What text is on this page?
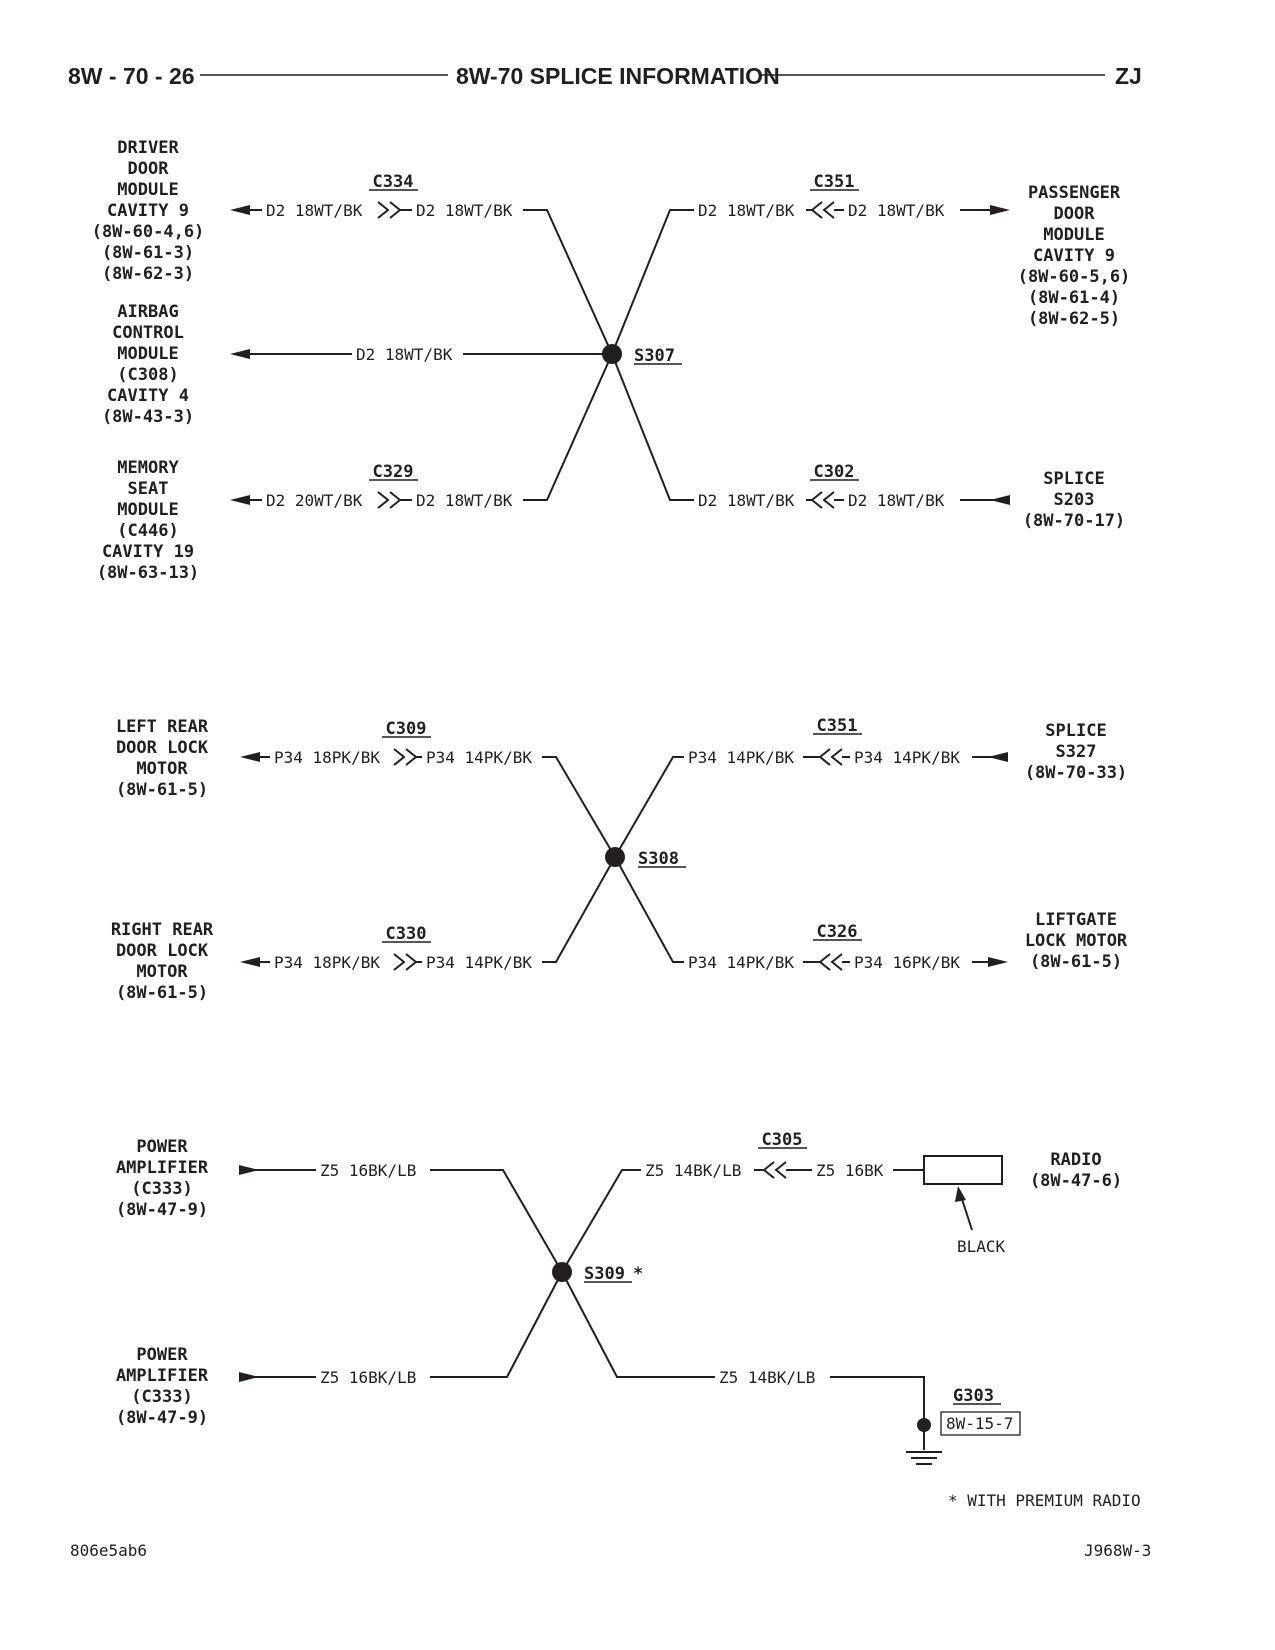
8W - 70 - 26	8W-70 SPLICE INFORMATION	ZJ
DRIVER
DOOR
MODULE
CAVITY 9
(8W-60-4,6)
(8W-61-3)
(8W-62-3)
AIRBAG
CONTROL
MODULE
(C308)
CAVITY 4
(8W-43-3)
MEMORY
SEAT
MODULE
(C446)
CAVITY 19
(8W-63-13)
PASSENGER
DOOR
MODULE
CAVITY 9
(8W-60-5,6)
(8W-61-4)
(8W-62-5)
SPLICE
S203
(8W-70-17)
D2 18WT/BK	D2 18WT/BK
C334
D2 18WT/BK
D2 20WT/BK	D2 18WT/BK
C329
D2 18WT/BK	D2 18WT/BK
C351
D2 18WT/BK	D2 18WT/BK
C302
S307
LEFT REAR
DOOR LOCK
MOTOR
(8W-61-5)
RIGHT REAR
DOOR LOCK
MOTOR
(8W-61-5)
SPLICE
S327
(8W-70-33)
LIFTGATE
LOCK MOTOR
(8W-61-5)
P34 18PK/BK	P34 14PK/BK
C309
P34 18PK/BK	P34 14PK/BK
C330
P34 14PK/BK	P34 14PK/BK
C351
P34 14PK/BK	P34 16PK/BK
C326
S308
POWER
AMPLIFIER
(C333)
(8W-47-9)
POWER
AMPLIFIER
(C333)
(8W-47-9)
RADIO
(8W-47-6)
Z5 16BK/LB
Z5 16BK/LB
Z5 14BK/LB	Z5 16BK
C305
BLACK
Z5 14BK/LB
G303
8W-15-7
S309 *
* WITH PREMIUM RADIO
806e5ab6	J968W-3
